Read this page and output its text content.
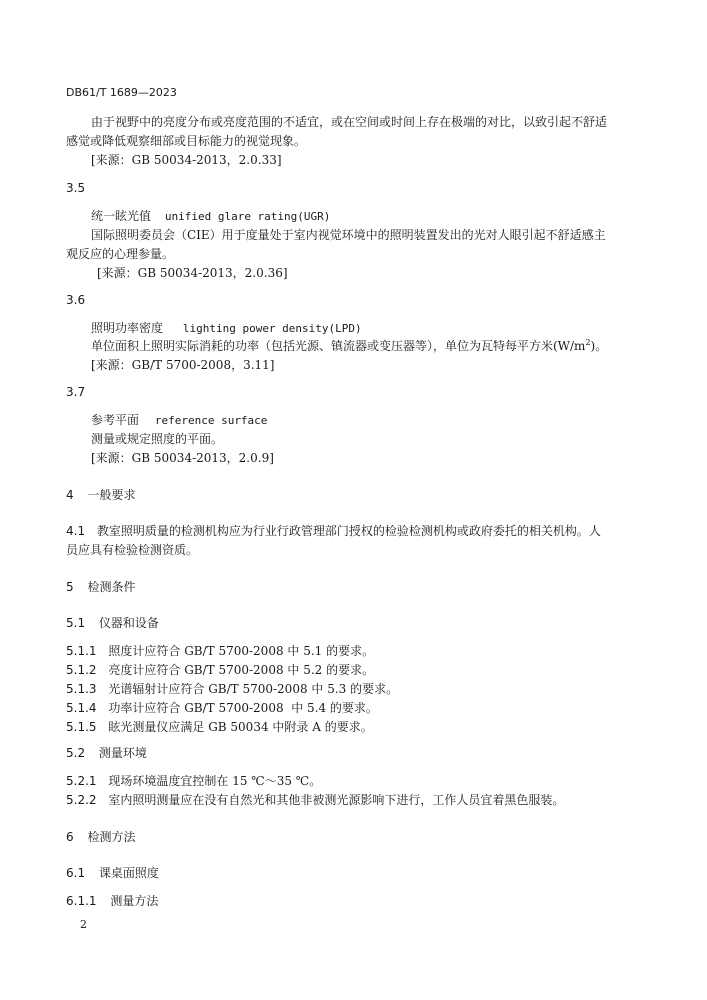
DB61/T 1689—2023
由于视野中的亮度分布或亮度范围的不适宜，或在空间或时间上存在极端的对比，以致引起不舒适
感觉或降低观察细部或目标能力的视觉现象。
[来源：GB 50034-2013，2.0.33]
3.5
统一眩光值 unified glare rating(UGR)
国际照明委员会（CIE）用于度量处于室内视觉环境中的照明装置发出的光对人眼引起不舒适感主
观反应的心理参量。
[来源：GB 50034-2013，2.0.36]
3.6
照明功率密度 lighting power density(LPD)
单位面积上照明实际消耗的功率（包括光源、镇流器或变压器等），单位为瓦特每平方米$(W/m^2)$。
[来源：GB/T 5700-2008，3.11]
3.7
参考平面 reference surface
测量或规定照度的平面。
[来源：GB 50034-2013，2.0.9]
4 一般要求
4.1 教室照明质量的检测机构应为行业行政管理部门授权的检验检测机构或政府委托的相关机构。人
员应具有检验检测资质。
5 检测条件
5.1 仪器和设备
5.1.1 照度计应符合 GB/T 5700-2008 中 5.1 的要求。
5.1.2 亮度计应符合 GB/T 5700-2008 中 5.2 的要求。
5.1.3 光谱辐射计应符合 GB/T 5700-2008 中 5.3 的要求。
5.1.4 功率计应符合 GB/T 5700-2008  中 5.4 的要求。
5.1.5 眩光测量仪应满足 GB 50034 中附录 A 的要求。
5.2 测量环境
5.2.1 现场环境温度宜控制在 15 ℃～35 ℃。
5.2.2 室内照明测量应在没有自然光和其他非被测光源影响下进行，工作人员宜着黑色服装。
6 检测方法
6.1 课桌面照度
6.1.1 测量方法
2
